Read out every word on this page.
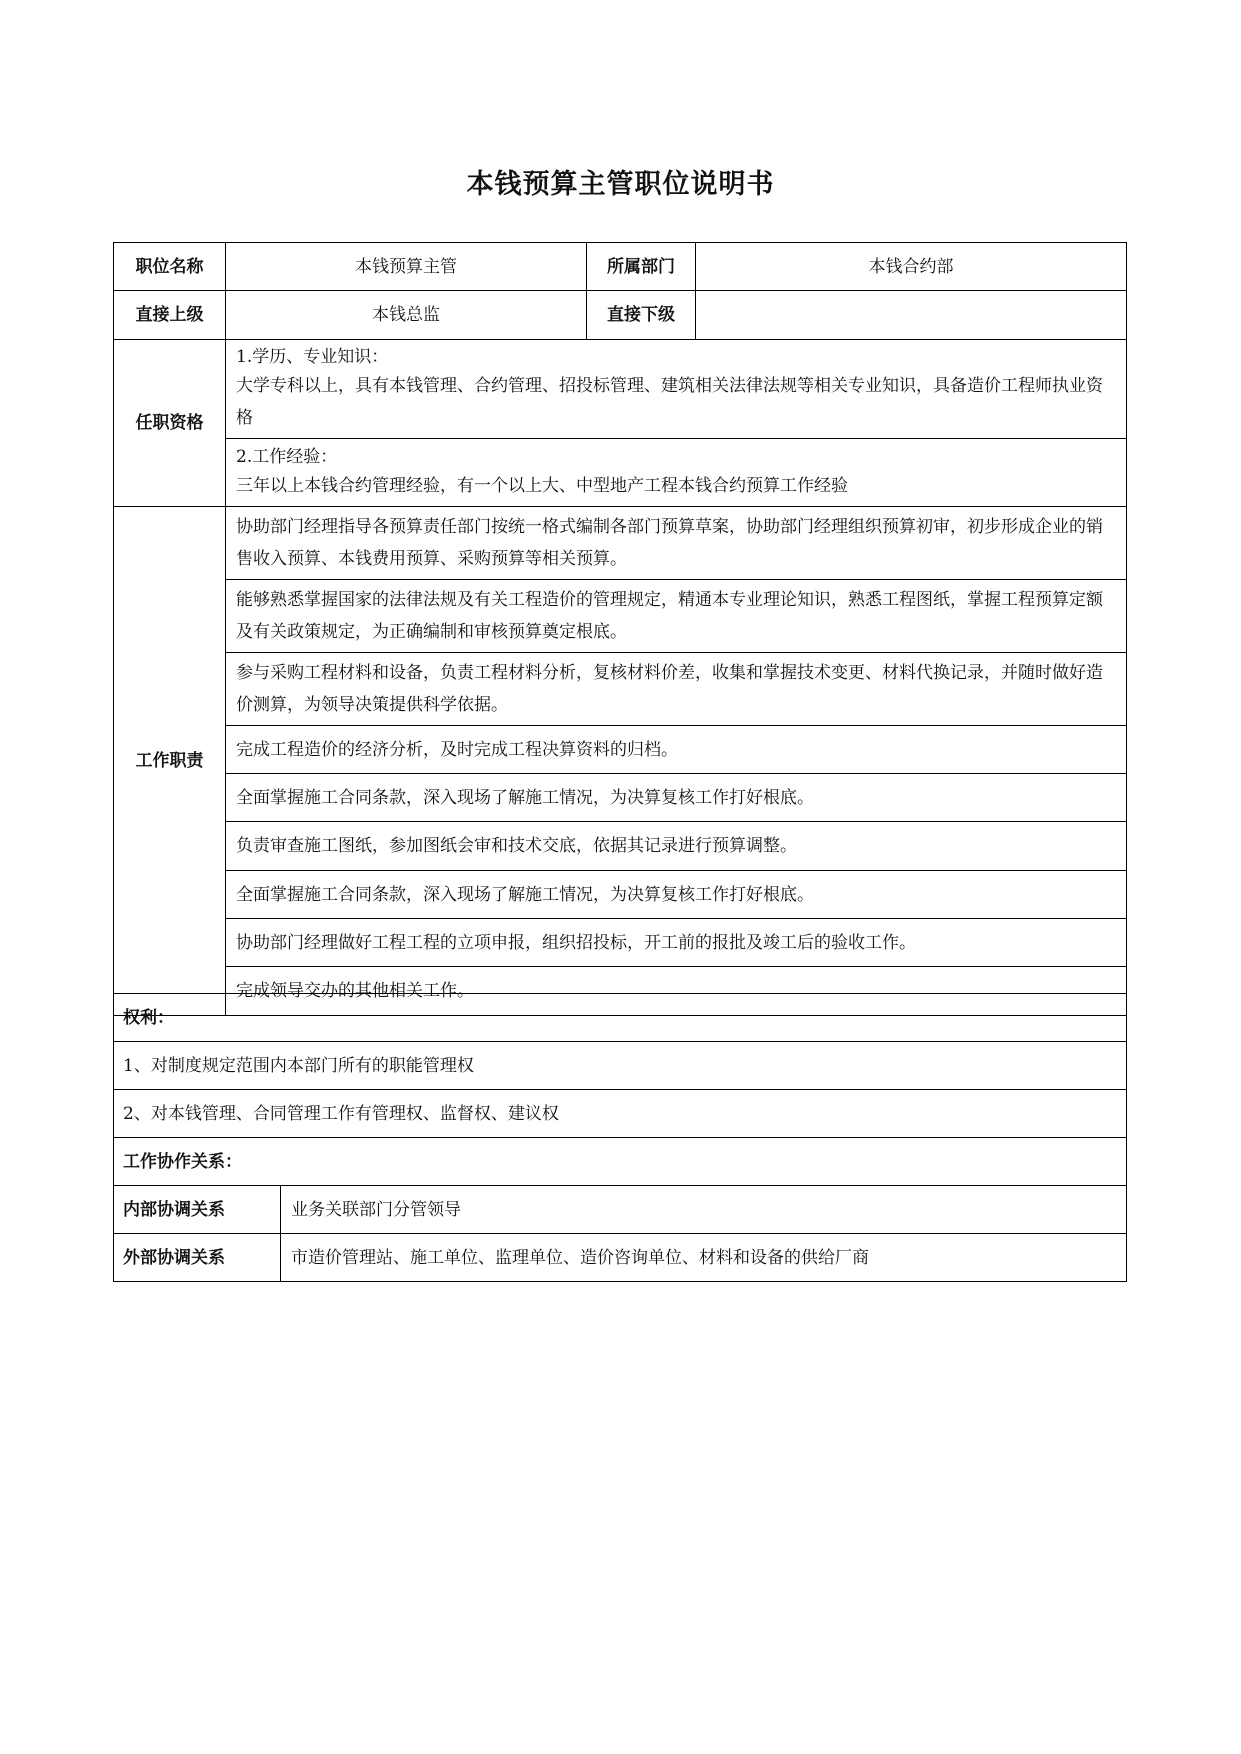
本钱预算主管职位说明书
职位名称	本钱预算主管	所属部门	本钱合约部
直接上级	本钱总监	直接下级	
任职资格	1.学历、专业知识：

大学专科以上，具有本钱管理、合约管理、招投标管理、建筑相关法律法规等相关专业知识，具备造价工程师执业资格		

	2.工作经验：

三年以上本钱合约管理经验，有一个以上大、中型地产工程本钱合约预算工作经验		

工作职责	协助部门经理指导各预算责任部门按统一格式编制各部门预算草案，协助部门经理组织预算初审，初步形成企业的销售收入预算、本钱费用预算、采购预算等相关预算。		
	能够熟悉掌握国家的法律法规及有关工程造价的管理规定，精通本专业理论知识，熟悉工程图纸，掌握工程预算定额及有关政策规定，为正确编制和审核预算奠定根底。		
	参与采购工程材料和设备，负责工程材料分析，复核材料价差，收集和掌握技术变更、材料代换记录，并随时做好造价测算，为领导决策提供科学依据。		
	完成工程造价的经济分析，及时完成工程决算资料的归档。		
	全面掌握施工合同条款，深入现场了解施工情况，为决算复核工作打好根底。		
	负责审查施工图纸，参加图纸会审和技术交底，依据其记录进行预算调整。		
	全面掌握施工合同条款，深入现场了解施工情况，为决算复核工作打好根底。		
	协助部门经理做好工程工程的立项申报，组织招投标，开工前的报批及竣工后的验收工作。		
	完成领导交办的其他相关工作。		
权利：	
1、对制度规定范围内本部门所有的职能管理权	
2、对本钱管理、合同管理工作有管理权、监督权、建议权	
工作协作关系：	
内部协调关系	业务关联部门分管领导
外部协调关系	市造价管理站、施工单位、监理单位、造价咨询单位、材料和设备的供给厂商
